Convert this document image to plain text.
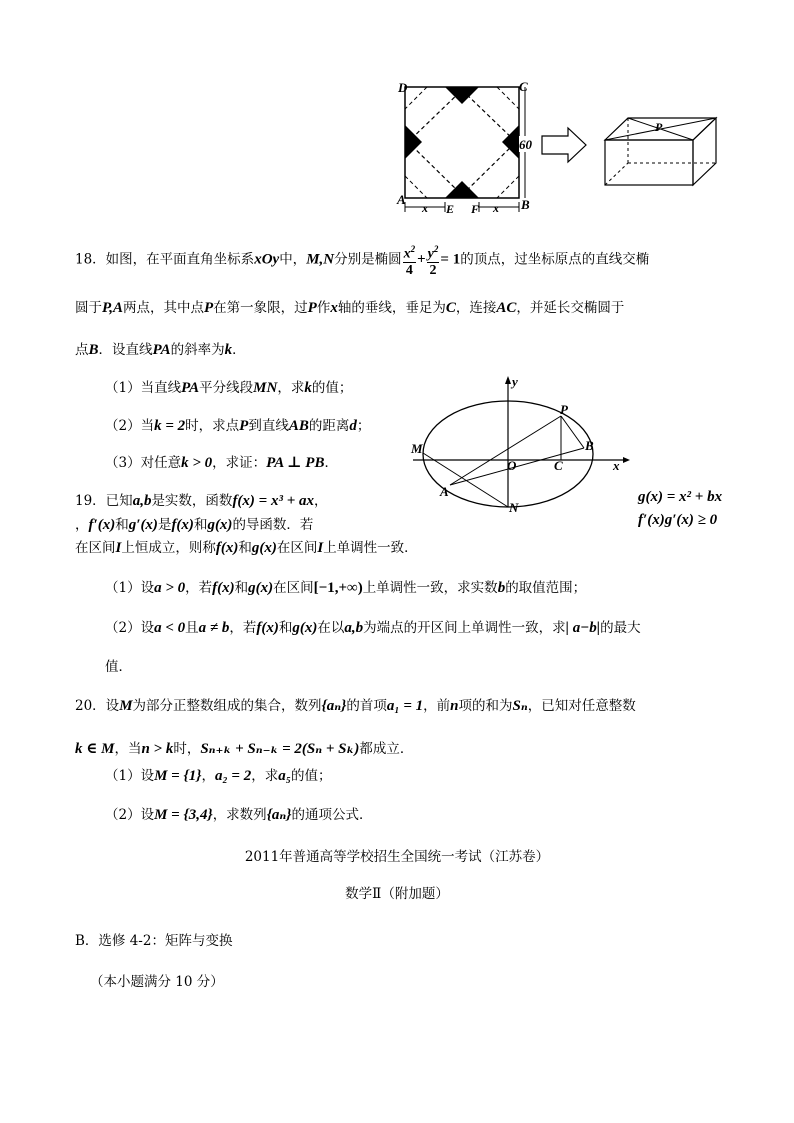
D	C
A	B
E F
x	x
60
P
18．如图，在平面直角坐标系xOy中，M,N分别是椭圆 $\frac{x^2}{4} + \frac{y^2}{2} = 1$的顶点，过坐标原点的直线交椭
圆于P,A两点，其中点P在第一象限，过P作x轴的垂线，垂足为C，连接AC，并延长交椭圆于
点B．设直线PA的斜率为k．
（1）当直线PA平分线段MN，求k的值；
（2）当k = 2时，求点P到直线AB的距离d；
（3）对任意k > 0，求证：PA ⊥ PB．
y
P
B
M
O	C	x
A
N
19．已知a,b是实数，函数f(x) = x³ + ax，	g(x) = x² + bx
，f′(x)和g′(x)是f(x)和g(x)的导函数．若	f′(x)g′(x) ≥ 0
在区间I上恒成立，则称f(x)和g(x)在区间I上单调性一致．
（1）设a > 0，若f(x)和g(x)在区间[−1,+∞)上单调性一致，求实数b的取值范围；
（2）设a < 0且a ≠ b，若f(x)和g(x)在以a,b为端点的开区间上单调性一致，求| a−b|的最大
值．
20．设M为部分正整数组成的集合，数列{aₙ}的首项a₁ = 1，前n项的和为Sₙ，已知对任意整数
k ∈ M，当n > k时，Sₙ₊ₖ + Sₙ₋ₖ = 2(Sₙ + Sₖ)都成立．
（1）设M = {1}，a₂ = 2，求a₅的值；
（2）设M = {3,4}，求数列{aₙ}的通项公式．
2011年普通高等学校招生全国统一考试（江苏卷）
数学Ⅱ（附加题）
B．选修 4-2：矩阵与变换
（本小题满分 10 分）
